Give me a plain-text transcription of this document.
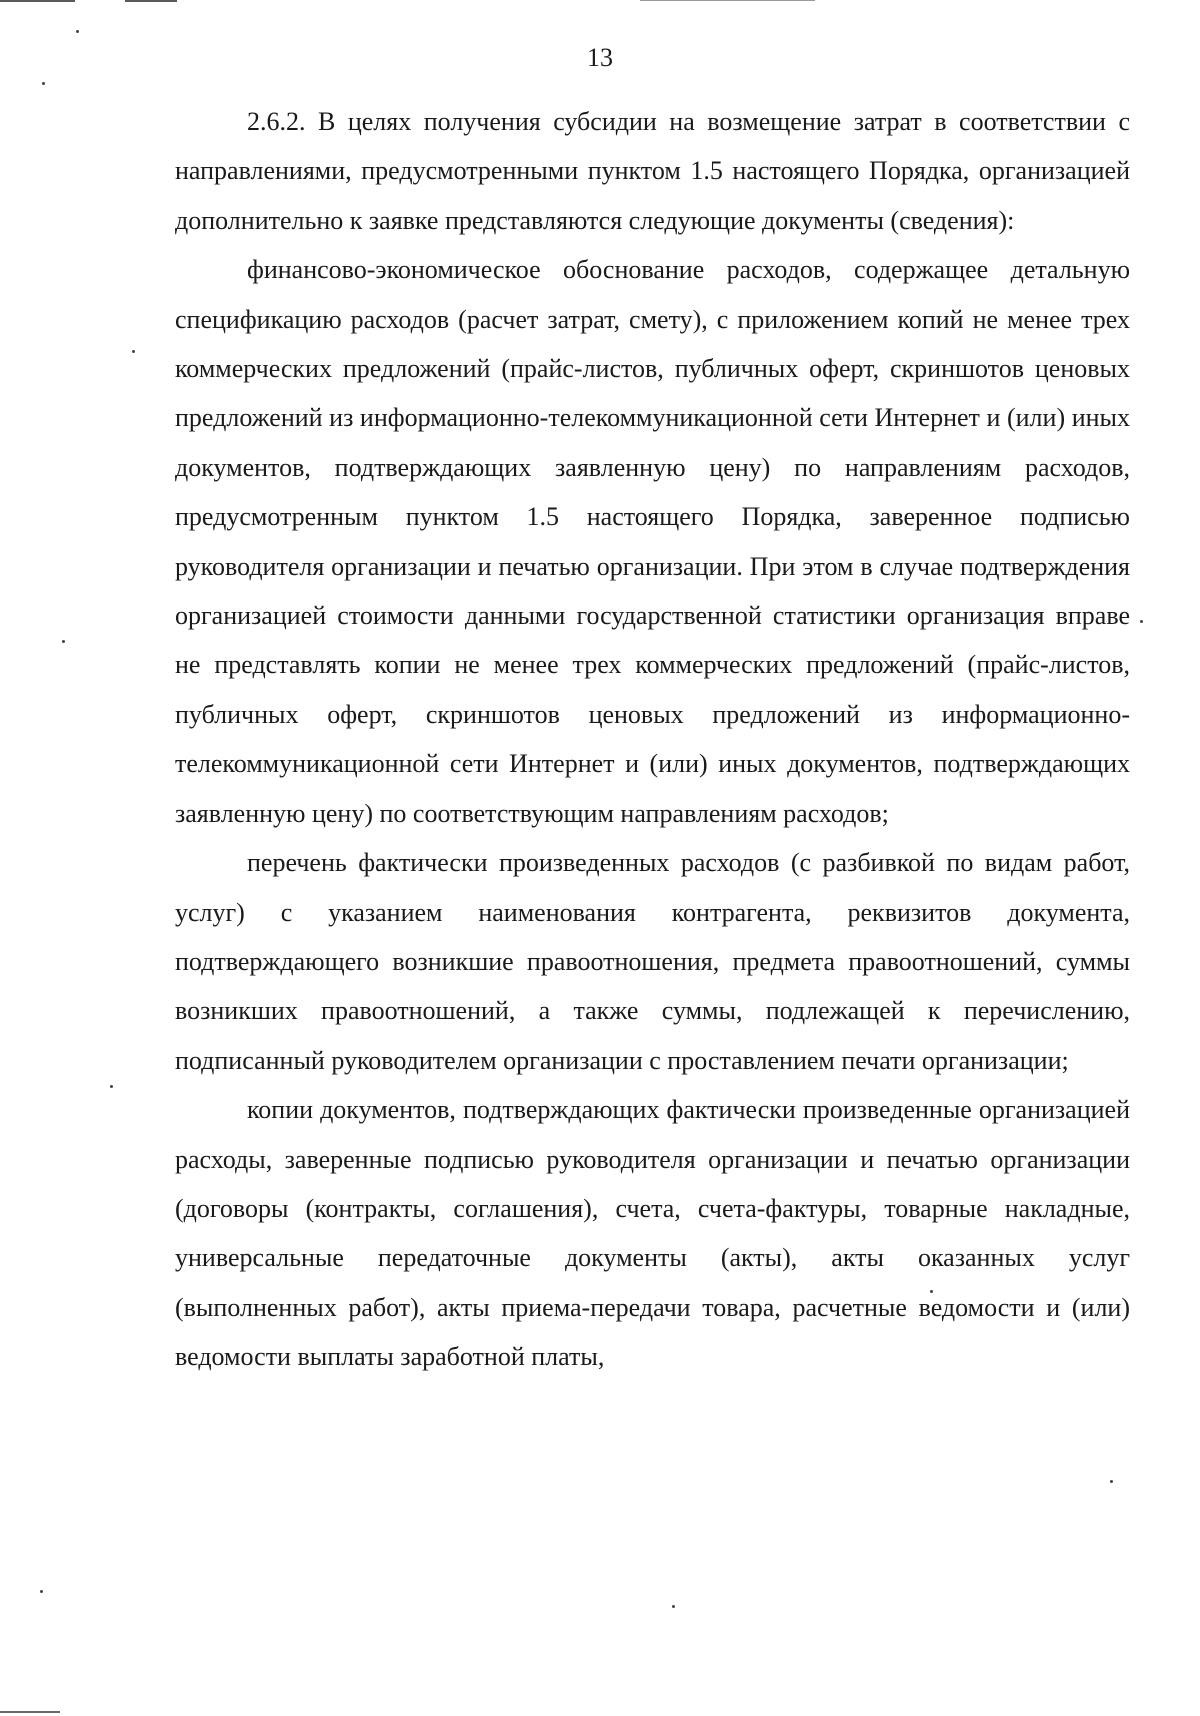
13

2.6.2. В целях получения субсидии на возмещение затрат в соответствии с направлениями, предусмотренными пунктом 1.5 настоящего Порядка, организацией дополнительно к заявке представляются следующие документы (сведения):

финансово-экономическое обоснование расходов, содержащее детальную спецификацию расходов (расчет затрат, смету), с приложением копий не менее трех коммерческих предложений (прайс-листов, публичных оферт, скриншотов ценовых предложений из информационно-телекоммуникационной сети Интернет и (или) иных документов, подтверждающих заявленную цену) по направлениям расходов, предусмотренным пунктом 1.5 настоящего Порядка, заверенное подписью руководителя организации и печатью организации. При этом в случае подтверждения организацией стоимости данными государственной статистики организация вправе не представлять копии не менее трех коммерческих предложений (прайс-листов, публичных оферт, скриншотов ценовых предложений из информационно-телекоммуникационной сети Интернет и (или) иных документов, подтверждающих заявленную цену) по соответствующим направлениям расходов;

перечень фактически произведенных расходов (с разбивкой по видам работ, услуг) с указанием наименования контрагента, реквизитов документа, подтверждающего возникшие правоотношения, предмета правоотношений, суммы возникших правоотношений, а также суммы, подлежащей к перечислению, подписанный руководителем организации с проставлением печати организации;

копии документов, подтверждающих фактически произведенные организацией расходы, заверенные подписью руководителя организации и печатью организации (договоры (контракты, соглашения), счета, счета-фактуры, товарные накладные, универсальные передаточные документы (акты), акты оказанных услуг (выполненных работ), акты приема-передачи товара, расчетные ведомости и (или) ведомости выплаты заработной платы,
